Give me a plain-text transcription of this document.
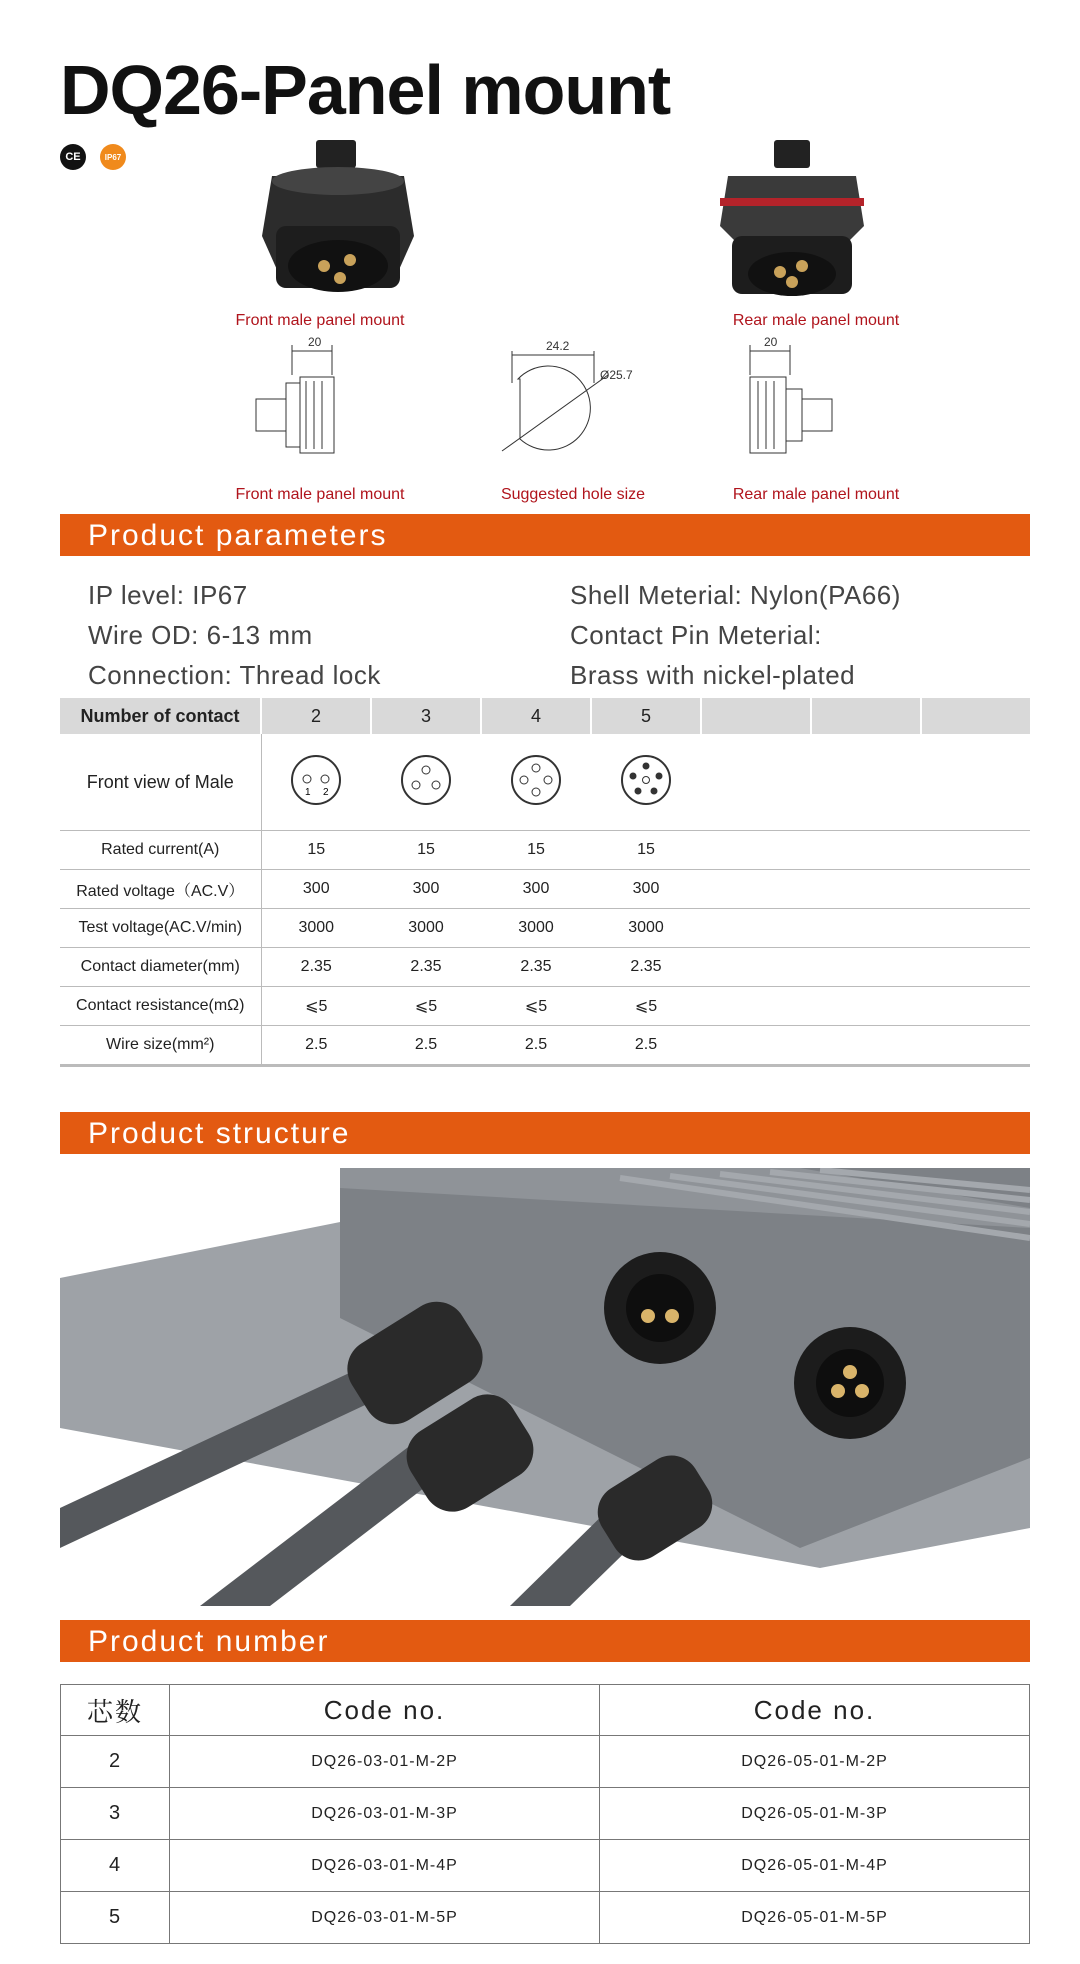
DQ26-Panel mount
CE	IP67
Front male panel mount	Rear male panel mount
20	24.2
Ø25.7
20
Front male panel mount	Suggested hole size	Rear male panel mount
Product parameters
IP level: IP67
Wire OD: 6-13 mm
Connection: Thread lock
Shell Meterial: Nylon(PA66)
Contact Pin Meterial:
Brass with nickel-plated
Number of contact	2	3	4	5			
Front view of Male	1 2

Rated current(A)	15	15	15	15			
Rated voltage（AC.V）	300	300	300	300			
Test voltage(AC.V/min)	3000	3000	3000	3000			
Contact diameter(mm)	2.35	2.35	2.35	2.35			
Contact resistance(mΩ)	⩽5	⩽5	⩽5	⩽5			
Wire size(mm²)	2.5	2.5	2.5	2.5			
Product structure
Product number
芯数	Code no.	Code no.
2	DQ26-03-01-M-2P	DQ26-05-01-M-2P
3	DQ26-03-01-M-3P	DQ26-05-01-M-3P
4	DQ26-03-01-M-4P	DQ26-05-01-M-4P
5	DQ26-03-01-M-5P	DQ26-05-01-M-5P
